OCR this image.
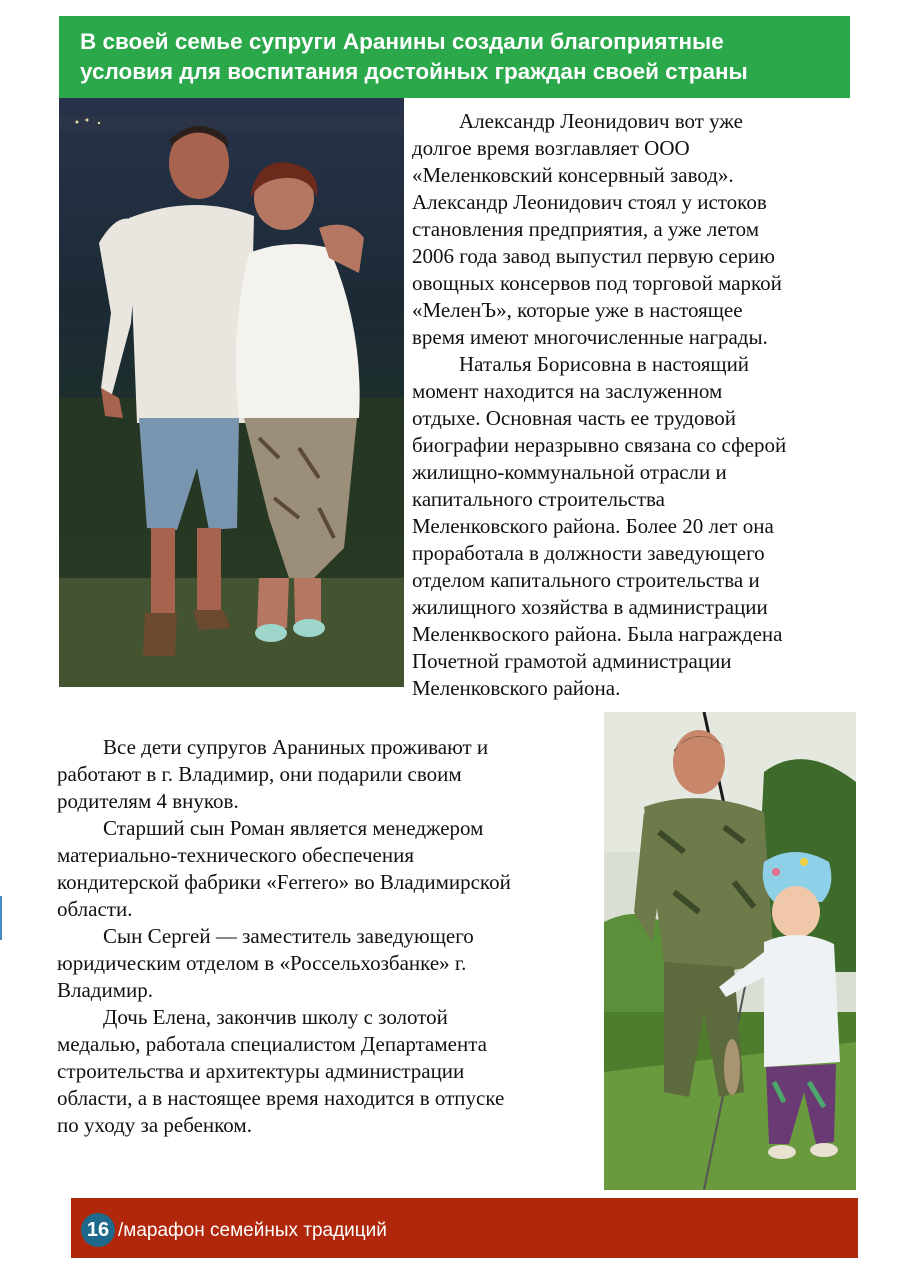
В своей семье супруги Аранины создали благоприятные
условия для воспитания достойных граждан своей страны
Александр Леонидович вот уже
долгое время возглавляет ООО
«Меленковский консервный завод».
Александр Леонидович стоял у истоков
становления предприятия, а уже летом
2006 года завод выпустил первую серию
овощных консервов под торговой маркой
«МеленЪ», которые уже в настоящее
время имеют многочисленные награды.
Наталья Борисовна в настоящий
момент находится на заслуженном
отдыхе. Основная часть ее трудовой
биографии неразрывно связана со сферой
жилищно-коммунальной отрасли и
капитального строительства
Меленковского района. Более 20 лет она
проработала в должности заведующего
отделом капитального строительства и
жилищного хозяйства в администрации
Меленквоского района. Была награждена
Почетной грамотой администрации
Меленковского района.
Все дети супругов Араниных проживают и
работают в г. Владимир, они подарили своим
родителям 4 внуков.
Старший сын Роман является менеджером
материально-технического обеспечения
кондитерской фабрики «Ferrero» во Владимирской
области.
Сын Сергей — заместитель заведующего
юридическим отделом в «Россельхозбанке» г.
Владимир.
Дочь Елена, закончив школу с золотой
медалью, работала специалистом Департамента
строительства и архитектуры администрации
области, а в настоящее время находится в отпуске
по уходу за ребенком.
16 /марафон семейных традиций
